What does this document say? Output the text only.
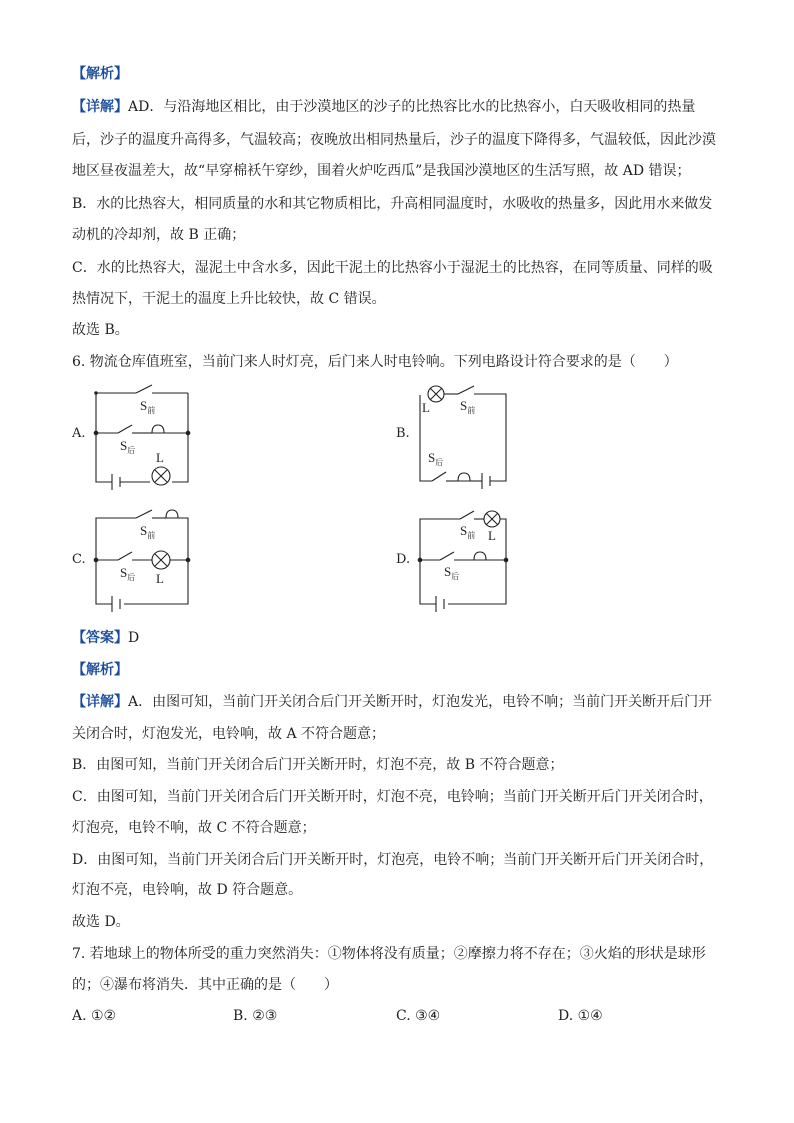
【解析】
【详解】AD．与沿海地区相比，由于沙漠地区的沙子的比热容比水的比热容小，白天吸收相同的热量
后，沙子的温度升高得多，气温较高；夜晚放出相同热量后，沙子的温度下降得多，气温较低，因此沙漠
地区昼夜温差大，故“早穿棉袄午穿纱，围着火炉吃西瓜”是我国沙漠地区的生活写照，故 AD 错误；
B．水的比热容大，相同质量的水和其它物质相比，升高相同温度时，水吸收的热量多，因此用水来做发
动机的冷却剂，故 B 正确；
C．水的比热容大，湿泥土中含水多，因此干泥土的比热容小于湿泥土的比热容，在同等质量、同样的吸
热情况下，干泥土的温度上升比较快，故 C 错误。
故选 B。
6. 物流仓库值班室，当前门来人时灯亮，后门来人时电铃响。下列电路设计符合要求的是（　　）
A.	B.
C.	D.
$S_前$
$S_后$ L
L $S_前$
$S_后$
$S_前$
$S_后$ L
$S_前$ L
$S_后$
【答案】D
【解析】
【详解】A．由图可知，当前门开关闭合后门开关断开时，灯泡发光，电铃不响；当前门开关断开后门开
关闭合时，灯泡发光，电铃响，故 A 不符合题意；
B．由图可知，当前门开关闭合后门开关断开时，灯泡不亮，故 B 不符合题意；
C．由图可知，当前门开关闭合后门开关断开时，灯泡不亮，电铃响；当前门开关断开后门开关闭合时，
灯泡亮，电铃不响，故 C 不符合题意；
D．由图可知，当前门开关闭合后门开关断开时，灯泡亮，电铃不响；当前门开关断开后门开关闭合时，
灯泡不亮，电铃响，故 D 符合题意。
故选 D。
7. 若地球上的物体所受的重力突然消失：①物体将没有质量；②摩擦力将不存在；③火焰的形状是球形
的；④瀑布将消失．其中正确的是（　　）
A. ①②	B. ②③	C. ③④	D. ①④
